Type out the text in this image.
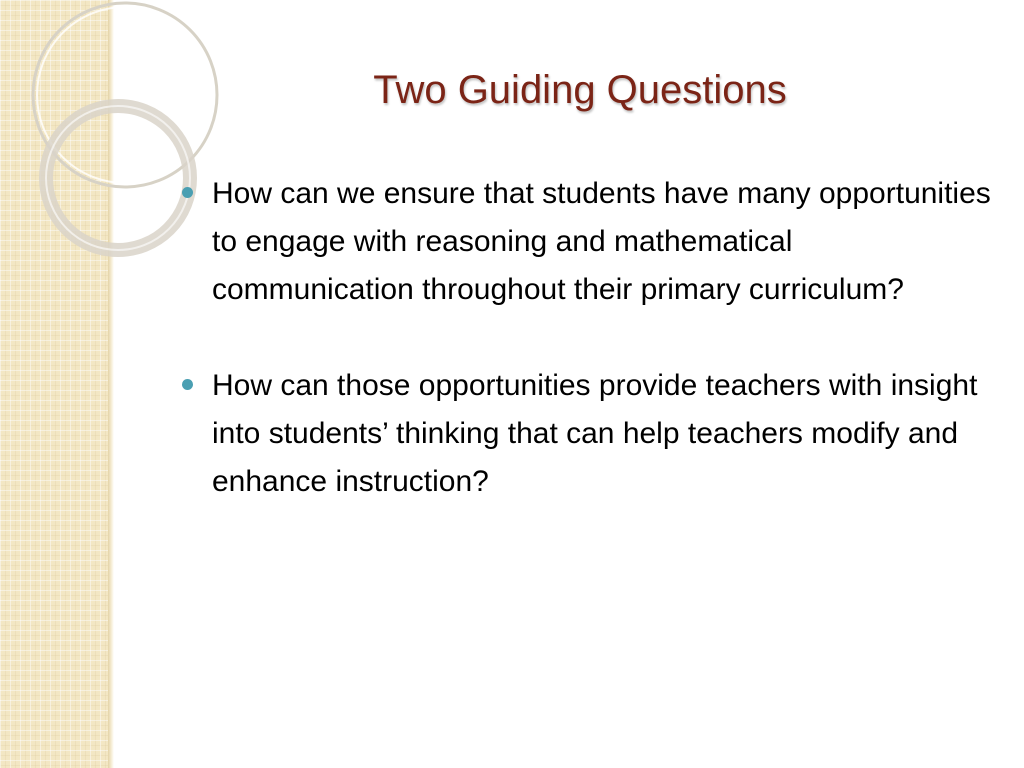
Two Guiding Questions
How can we ensure that students have many opportunities to engage with reasoning and mathematical communication throughout their primary curriculum?
How can those opportunities provide teachers with insight into students’ thinking that can help teachers modify and enhance instruction?
